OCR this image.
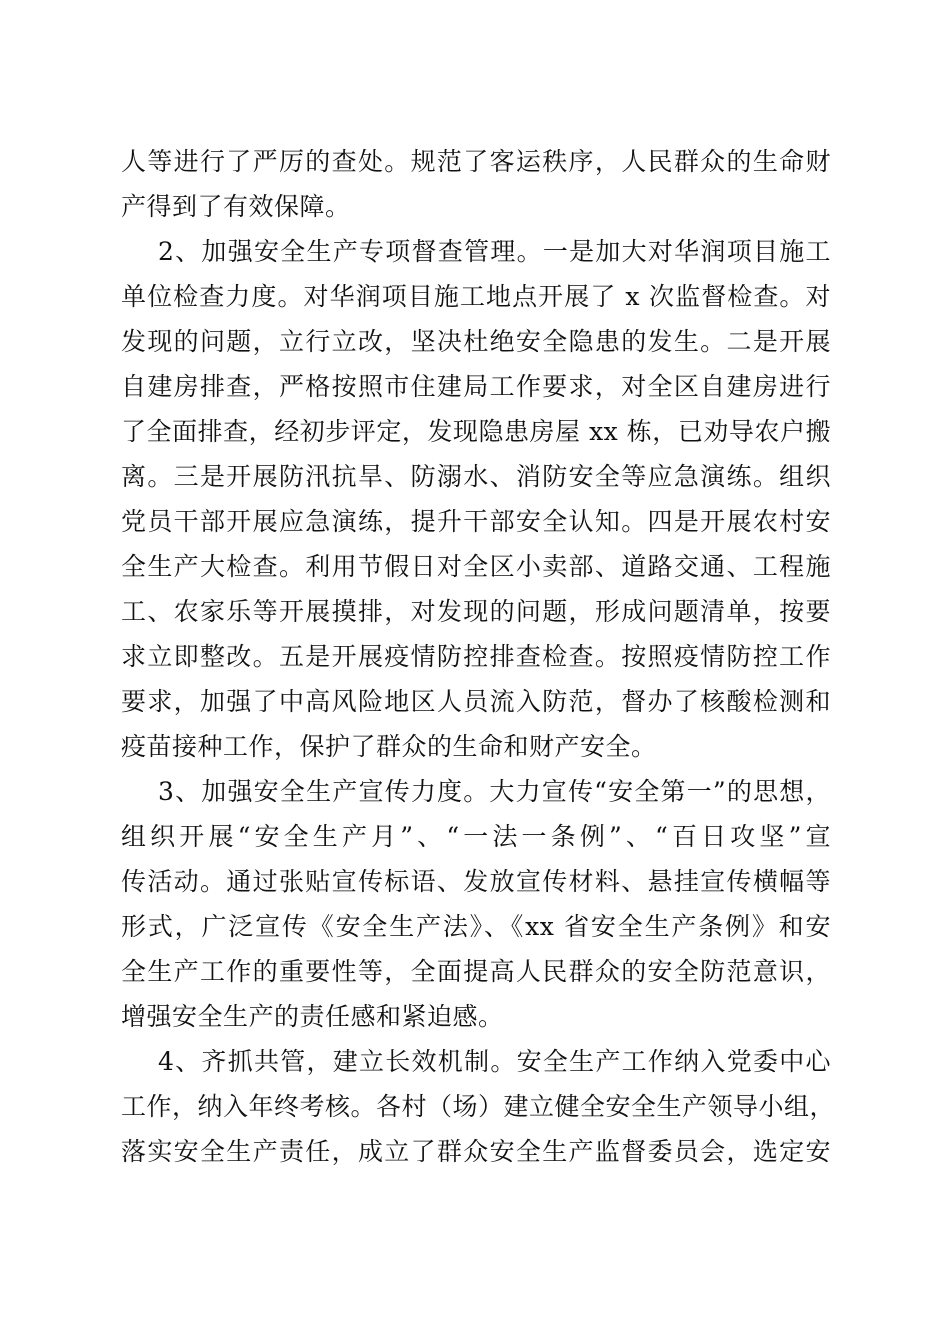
人等进行了严厉的查处。规范了客运秩序，人民群众的生命财
产得到了有效保障。
2、加强安全生产专项督查管理。一是加大对华润项目施工
单位检查力度。对华润项目施工地点开展了 x 次监督检查。对
发现的问题，立行立改，坚决杜绝安全隐患的发生。二是开展
自建房排查，严格按照市住建局工作要求，对全区自建房进行
了全面排查，经初步评定，发现隐患房屋 xx 栋，已劝导农户搬
离。三是开展防汛抗旱、防溺水、消防安全等应急演练。组织
党员干部开展应急演练，提升干部安全认知。四是开展农村安
全生产大检查。利用节假日对全区小卖部、道路交通、工程施
工、农家乐等开展摸排，对发现的问题，形成问题清单，按要
求立即整改。五是开展疫情防控排查检查。按照疫情防控工作
要求，加强了中高风险地区人员流入防范，督办了核酸检测和
疫苗接种工作，保护了群众的生命和财产安全。
3、加强安全生产宣传力度。大力宣传“安全第一”的思想，
组织开展“安全生产月”、“一法一条例”、“百日攻坚”宣
传活动。通过张贴宣传标语、发放宣传材料、悬挂宣传横幅等
形式，广泛宣传《安全生产法》、《xx 省安全生产条例》和安
全生产工作的重要性等，全面提高人民群众的安全防范意识，
增强安全生产的责任感和紧迫感。
4、齐抓共管，建立长效机制。安全生产工作纳入党委中心
工作，纳入年终考核。各村（场）建立健全安全生产领导小组，
落实安全生产责任，成立了群众安全生产监督委员会，选定安
